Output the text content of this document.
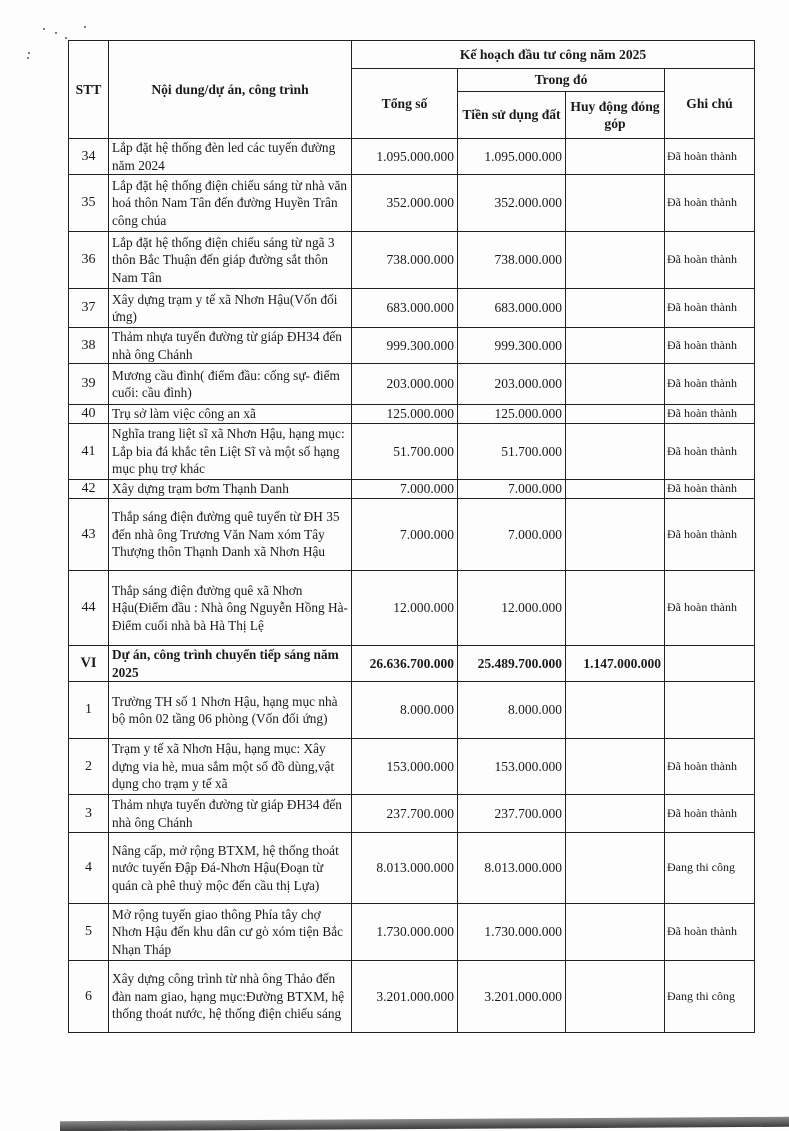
STT	Nội dung/dự án, công trình	Kế hoạch đầu tư công năm 2025			
		Tổng số	Trong đó		Ghi chú
			Tiền sử dụng đất	Huy động đóng góp	

34	Lắp đặt hệ thống đèn led các tuyến đường năm 2024	1.095.000.000	1.095.000.000		Đã hoàn thành
35	Lắp đặt hệ thống điện chiếu sáng từ nhà văn hoá thôn Nam Tân đến đường Huyền Trân công chúa	352.000.000	352.000.000		Đã hoàn thành
36	Lắp đặt hệ thống điện chiếu sáng từ ngã 3 thôn Bắc Thuận đến giáp đường sắt thôn Nam Tân	738.000.000	738.000.000		Đã hoàn thành
37	Xây dựng trạm y tế xã Nhơn Hậu(Vốn đối ứng)	683.000.000	683.000.000		Đã hoàn thành
38	Thảm nhựa tuyến đường từ giáp ĐH34 đến nhà ông Chánh	999.300.000	999.300.000		Đã hoàn thành
39	Mương cầu đình( điểm đầu: cống sự- điểm cuối: cầu đình)	203.000.000	203.000.000		Đã hoàn thành
40	Trụ sở làm việc công an xã	125.000.000	125.000.000		Đã hoàn thành
41	Nghĩa trang liệt sĩ xã Nhơn Hậu, hạng mục: Lắp bia đá khắc tên Liệt Sĩ và một số hạng mục phụ trợ khác	51.700.000	51.700.000		Đã hoàn thành
42	Xây dựng trạm bơm Thạnh Danh	7.000.000	7.000.000		Đã hoàn thành
43	Thắp sáng điện đường quê tuyến từ ĐH 35 đến nhà ông Trương Văn Nam xóm Tây Thượng thôn Thạnh Danh xã Nhơn Hậu	7.000.000	7.000.000		Đã hoàn thành
44	Thắp sáng điện đường quê xã Nhơn Hậu(Điểm đầu : Nhà ông Nguyễn Hồng Hà-Điểm cuối nhà bà Hà Thị Lệ	12.000.000	12.000.000		Đã hoàn thành
VI	Dự án, công trình chuyển tiếp sáng năm 2025	26.636.700.000	25.489.700.000	1.147.000.000	
1	Trường TH số 1 Nhơn Hậu, hạng mục nhà bộ môn 02 tầng 06 phòng (Vốn đối ứng)	8.000.000	8.000.000		
2	Trạm y tế xã Nhơn Hậu, hạng mục: Xây dựng via hè, mua sắm một số đồ dùng,vật dụng cho trạm y tế xã	153.000.000	153.000.000		Đã hoàn thành
3	Thảm nhựa tuyến đường từ giáp ĐH34 đến nhà ông Chánh	237.700.000	237.700.000		Đã hoàn thành
4	Nâng cấp, mở rộng BTXM, hệ thống thoát nước tuyến Đập Đá-Nhơn Hậu(Đoạn từ quán cà phê thuỷ mộc đến cầu thị Lựa)	8.013.000.000	8.013.000.000		Đang thi công
5	Mở rộng tuyến giao thông Phía tây chợ Nhơn Hậu đến khu dân cư gò xóm tiện Bắc Nhạn Tháp	1.730.000.000	1.730.000.000		Đã hoàn thành
6	Xây dựng công trình từ nhà ông Thảo đến đàn nam giao, hạng mục:Đường BTXM, hệ thống thoát nước, hệ thống điện chiếu sáng	3.201.000.000	3.201.000.000		Đang thi công
